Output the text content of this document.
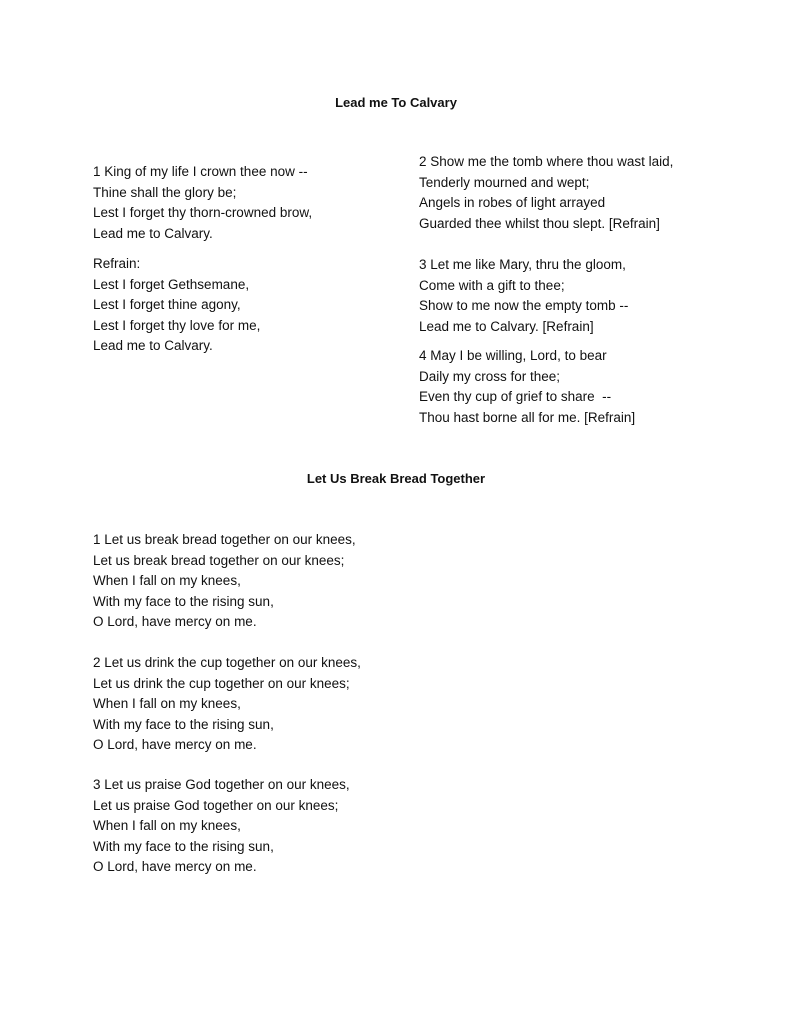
Lead me To Calvary
1 King of my life I crown thee now --
Thine shall the glory be;
Lest I forget thy thorn-crowned brow,
Lead me to Calvary.
Refrain:
Lest I forget Gethsemane,
Lest I forget thine agony,
Lest I forget thy love for me,
Lead me to Calvary.
2 Show me the tomb where thou wast laid,
Tenderly mourned and wept;
Angels in robes of light arrayed
Guarded thee whilst thou slept. [Refrain]
3 Let me like Mary, thru the gloom,
Come with a gift to thee;
Show to me now the empty tomb --
Lead me to Calvary. [Refrain]
4 May I be willing, Lord, to bear
Daily my cross for thee;
Even thy cup of grief to share  --
Thou hast borne all for me. [Refrain]
Let Us Break Bread Together
1 Let us break bread together on our knees,
Let us break bread together on our knees;
When I fall on my knees,
With my face to the rising sun,
O Lord, have mercy on me.
2 Let us drink the cup together on our knees,
Let us drink the cup together on our knees;
When I fall on my knees,
With my face to the rising sun,
O Lord, have mercy on me.
3 Let us praise God together on our knees,
Let us praise God together on our knees;
When I fall on my knees,
With my face to the rising sun,
O Lord, have mercy on me.
